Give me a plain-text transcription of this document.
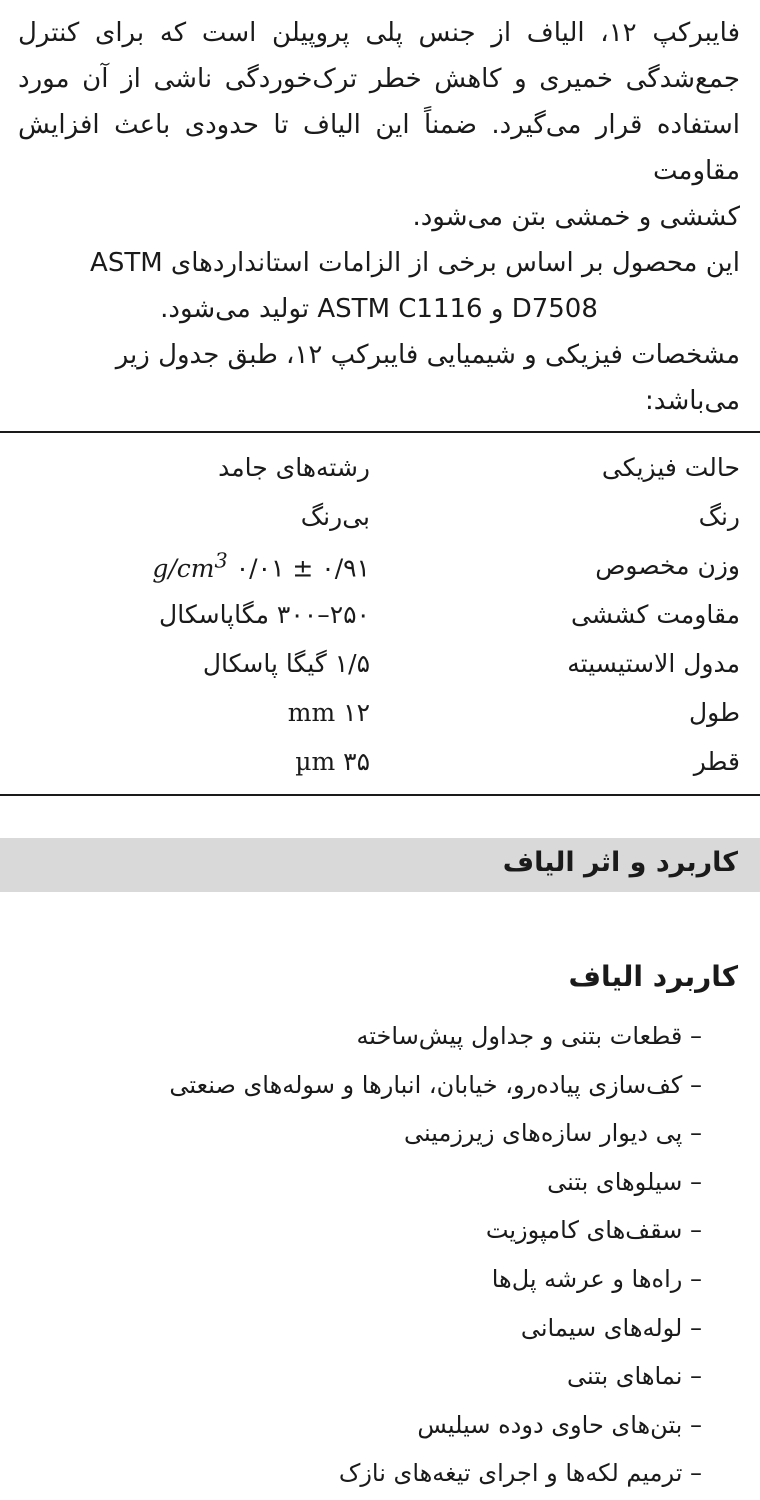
فایبرکپ ۱۲، الیاف از جنس پلی پروپیلن است که برای کنترل جمع‌شدگی خمیری و کاهش خطر ترک‌خوردگی ناشی از آن مورد استفاده قرار می‌گیرد. ضمناً این الیاف تا حدودی باعث افزایش مقاومت

کششی و خمشی بتن می‌شود.

این محصول بر اساس برخی از الزامات استانداردهای ASTM

D7508 و ASTM C1116 تولید می‌شود.

مشخصات فیزیکی و شیمیایی فایبرکپ ۱۲، طبق جدول زیر می‌باشد:

حالت فیزیکی
رشته‌های جامد
رنگ
بی‌رنگ
وزن مخصوص
۰/۹۱ ± ۰/۰۱ $g/cm^3$
مقاومت کششی
۲۵۰–۳۰۰ مگاپاسکال
مدول الاستیسیته
۱/۵ گیگا پاسکال
طول
۱۲ mm
قطر
۳۵ µm
کاربرد و اثر الیاف
کاربرد الیاف
– قطعات بتنی و جداول پیش‌ساخته
– کف‌سازی پیاده‌رو، خیابان، انبارها و سوله‌های صنعتی
– پی دیوار سازه‌های زیرزمینی
– سیلوهای بتنی
– سقف‌های کامپوزیت
– راه‌ها و عرشه پل‌ها
– لوله‌های سیمانی
– نماهای بتنی
– بتن‌های حاوی دوده سیلیس
– ترمیم لکه‌ها و اجرای تیغه‌های نازک
